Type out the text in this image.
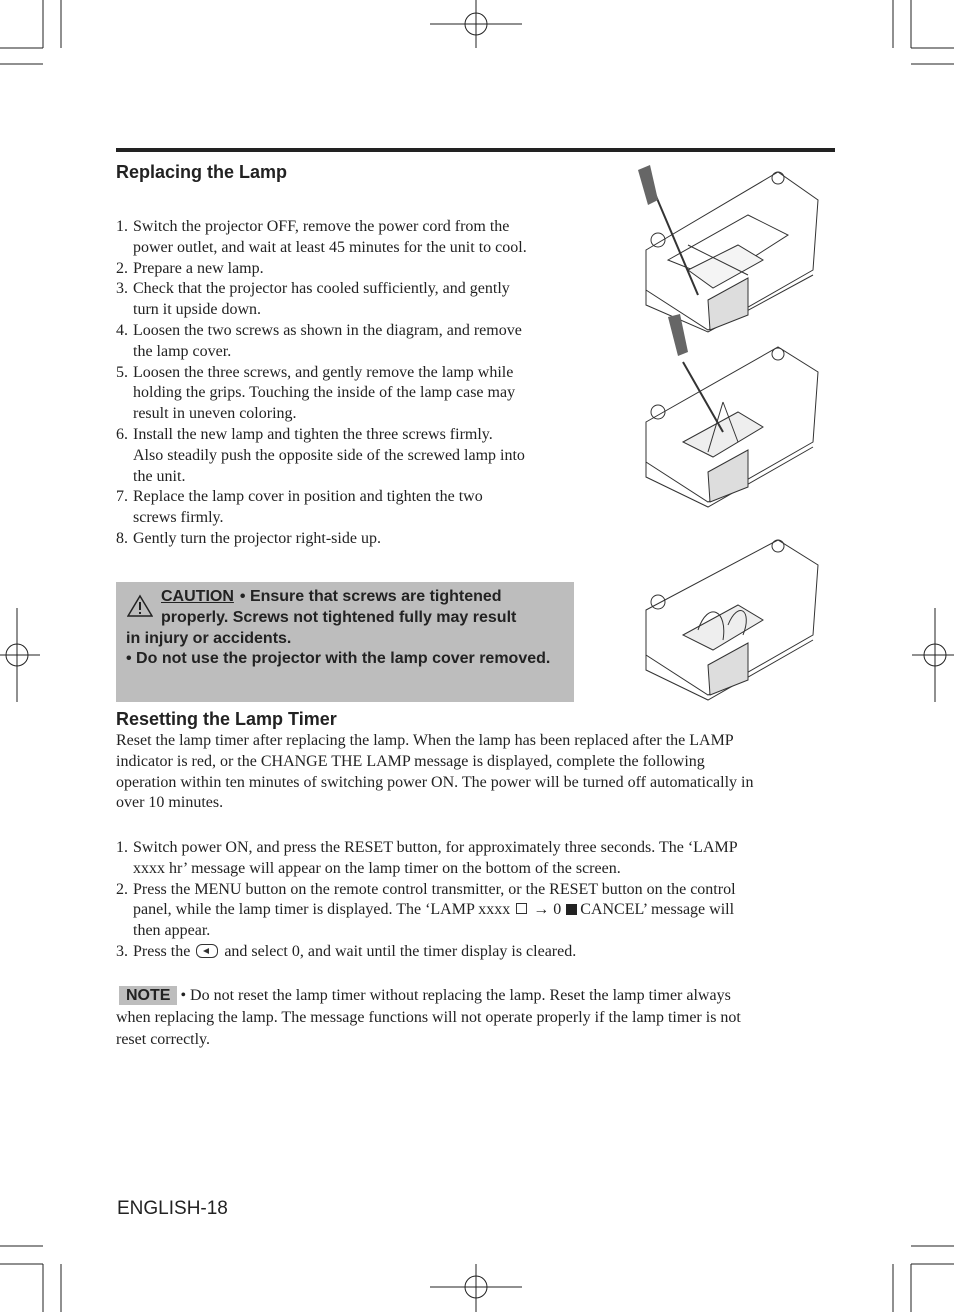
Replacing the Lamp
1. Switch the projector OFF, remove the power cord from the
power outlet, and wait at least 45 minutes for the unit to cool.
2. Prepare a new lamp.
3. Check that the projector has cooled sufficiently, and gently
turn it upside down.
4. Loosen the two screws as shown in the diagram, and remove
the lamp cover.
5. Loosen the three screws, and gently remove the lamp while
holding the grips. Touching the inside of the lamp case may
result in uneven coloring.
6. Install the new lamp and tighten the three screws firmly.
Also steadily push the opposite side of the screwed lamp into
the unit.
7. Replace the lamp cover in position and tighten the two
screws firmly.
8. Gently turn the projector right-side up.
CAUTION • Ensure that screws are tightened
properly. Screws not tightened fully may result
in injury or accidents.
• Do not use the projector with the lamp cover removed.
Resetting the Lamp Timer
Reset the lamp timer after replacing the lamp. When the lamp has been replaced after the LAMP
indicator is red, or the CHANGE THE LAMP message is displayed, complete the following
operation within ten minutes of switching power ON. The power will be turned off automatically in
over 10 minutes.
1. Switch power ON, and press the RESET button, for approximately three seconds. The ‘LAMP
xxxx hr’ message will appear on the lamp timer on the bottom of the screen.
2. Press the MENU button on the remote control transmitter, or the RESET button on the control
panel, while the lamp timer is displayed. The ‘LAMP xxxx → 0 CANCEL’ message will
then appear.
3. Press the and select 0, and wait until the timer display is cleared.
NOTE • Do not reset the lamp timer without replacing the lamp. Reset the lamp timer always
when replacing the lamp. The message functions will not operate properly if the lamp timer is not
reset correctly.
ENGLISH-18
